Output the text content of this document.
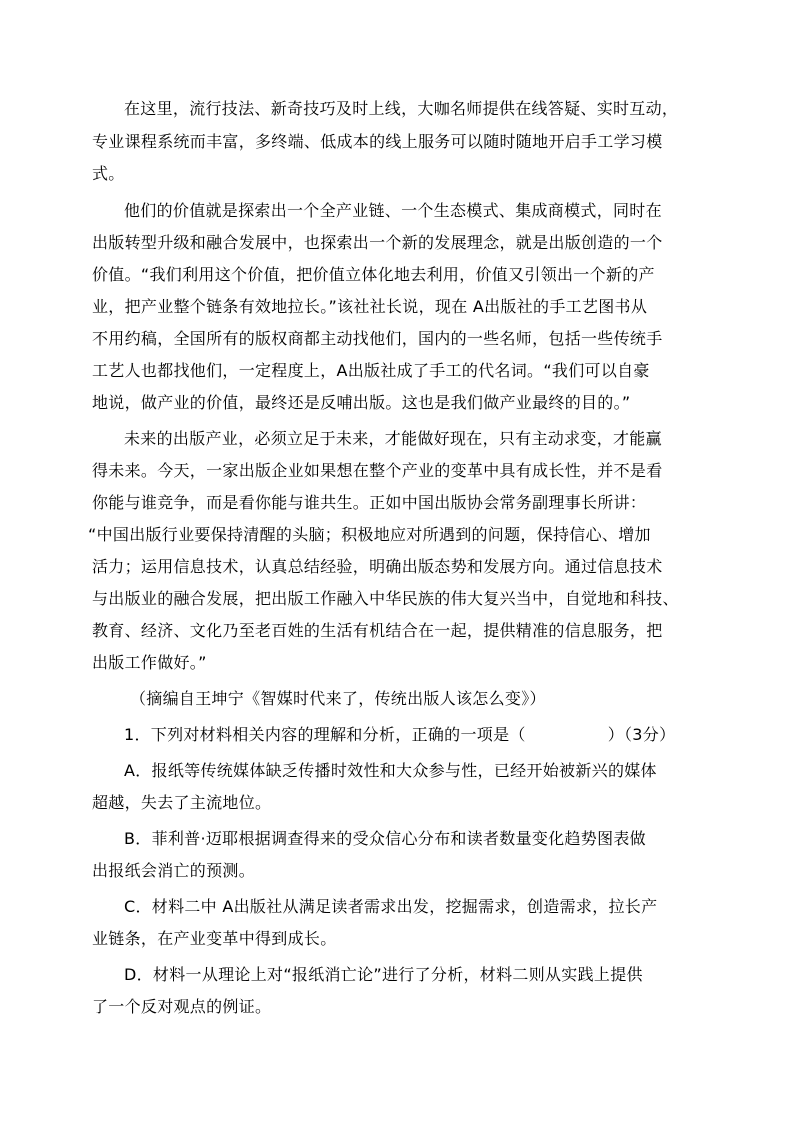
在这里，流行技法、新奇技巧及时上线，大咖名师提供在线答疑、实时互动，
专业课程系统而丰富，多终端、低成本的线上服务可以随时随地开启手工学习模
式。
他们的价值就是探索出一个全产业链、一个生态模式、集成商模式，同时在
出版转型升级和融合发展中，也探索出一个新的发展理念，就是出版创造的一个
价值。“我们利用这个价值，把价值立体化地去利用，价值又引领出一个新的产
业，把产业整个链条有效地拉长。”该社社长说，现在 A出版社的手工艺图书从
不用约稿，全国所有的版权商都主动找他们，国内的一些名师，包括一些传统手
工艺人也都找他们，一定程度上，A出版社成了手工的代名词。“我们可以自豪
地说，做产业的价值，最终还是反哺出版。这也是我们做产业最终的目的。”
未来的出版产业，必须立足于未来，才能做好现在，只有主动求变，才能赢
得未来。今天，一家出版企业如果想在整个产业的变革中具有成长性，并不是看
你能与谁竞争，而是看你能与谁共生。正如中国出版协会常务副理事长所讲：
“中国出版行业要保持清醒的头脑；积极地应对所遇到的问题，保持信心、增加
活力；运用信息技术，认真总结经验，明确出版态势和发展方向。通过信息技术
与出版业的融合发展，把出版工作融入中华民族的伟大复兴当中，自觉地和科技、
教育、经济、文化乃至老百姓的生活有机结合在一起，提供精准的信息服务，把
出版工作做好。”
（摘编自王坤宁《智媒时代来了，传统出版人该怎么变》）
1．下列对材料相关内容的理解和分析，正确的一项是（	）（3分）
A．报纸等传统媒体缺乏传播时效性和大众参与性，已经开始被新兴的媒体
超越，失去了主流地位。
B．菲利普·迈耶根据调查得来的受众信心分布和读者数量变化趋势图表做
出报纸会消亡的预测。
C．材料二中 A出版社从满足读者需求出发，挖掘需求，创造需求，拉长产
业链条，在产业变革中得到成长。
D．材料一从理论上对“报纸消亡论”进行了分析，材料二则从实践上提供
了一个反对观点的例证。
